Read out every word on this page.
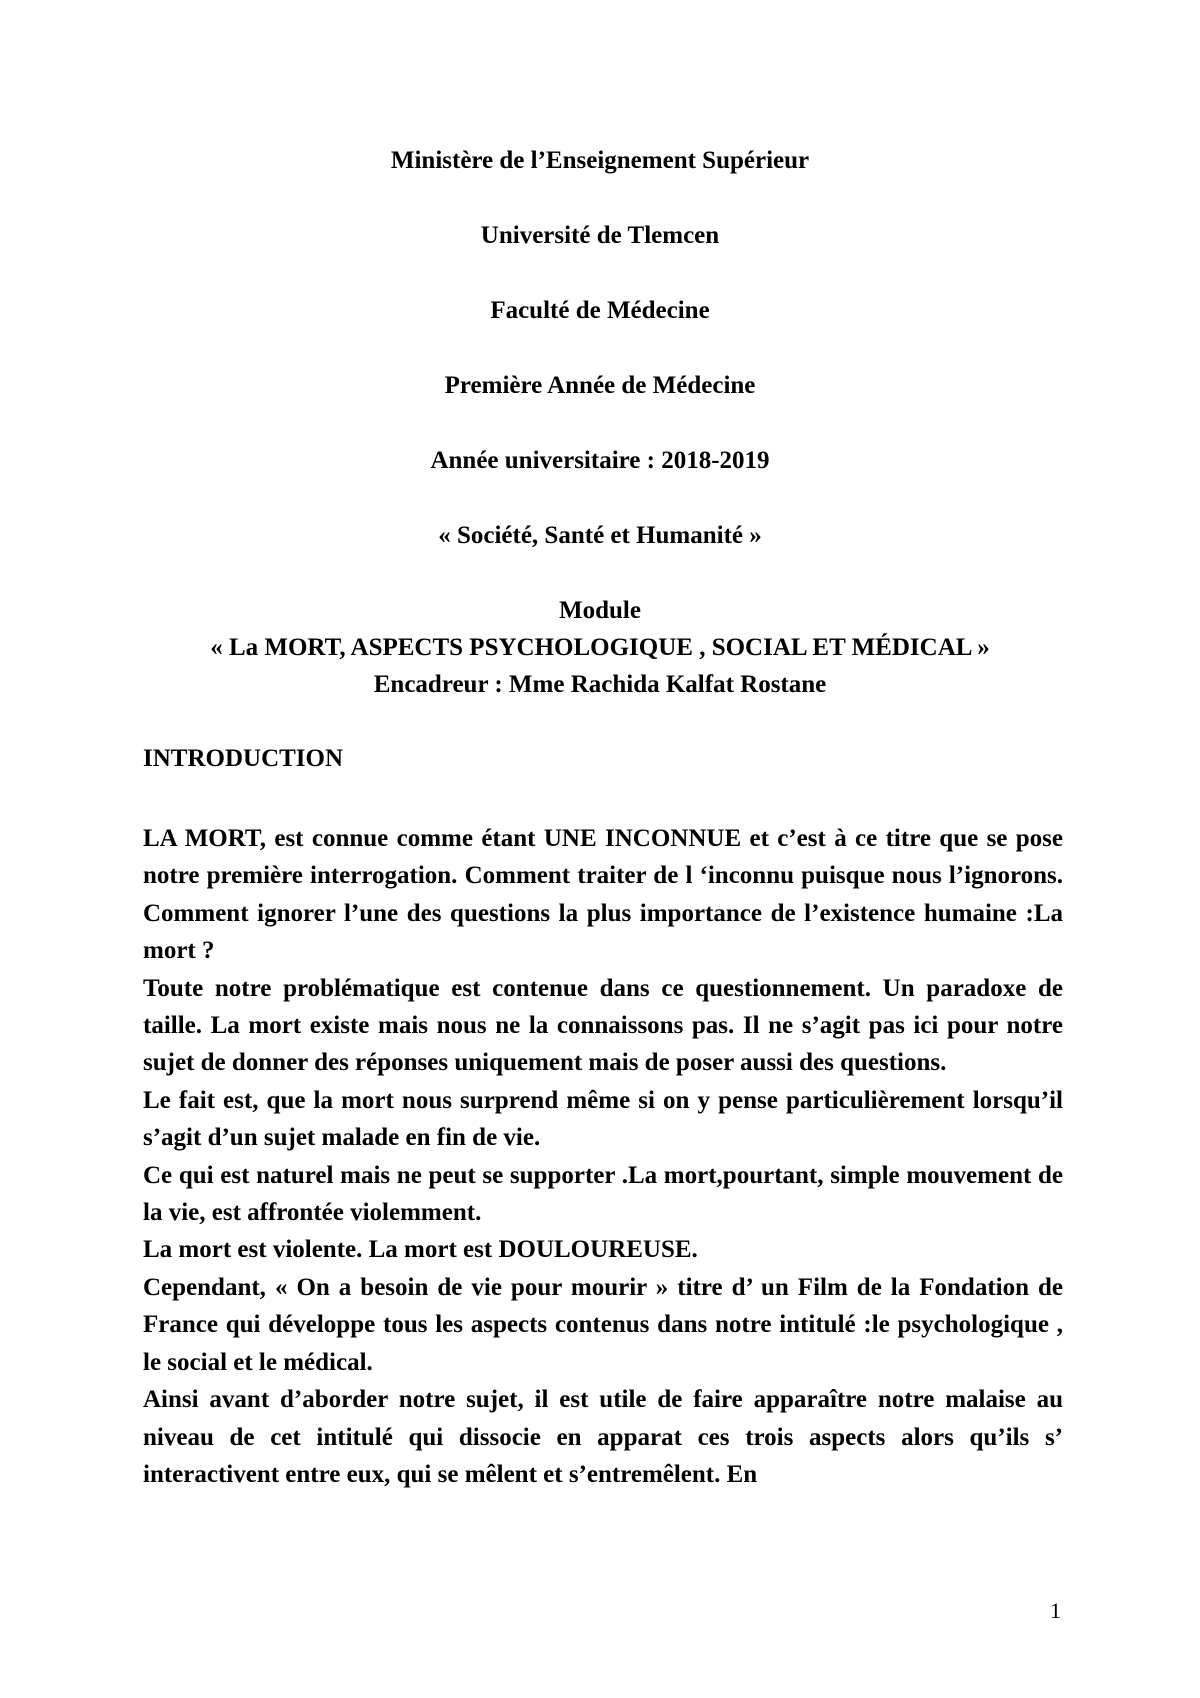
Ministère de l’Enseignement Supérieur
Université de Tlemcen
Faculté de Médecine
Première Année de Médecine
Année universitaire : 2018-2019
« Société, Santé et Humanité »
Module
« La MORT, ASPECTS PSYCHOLOGIQUE , SOCIAL ET MÉDICAL »
Encadreur : Mme Rachida Kalfat Rostane
INTRODUCTION

LA MORT, est connue comme étant UNE INCONNUE et c’est à ce titre que se pose notre première interrogation. Comment traiter de l ‘inconnu puisque nous l’ignorons. Comment ignorer l’une des questions la plus importance de l’existence humaine :La mort ?

Toute notre problématique est contenue dans ce questionnement. Un paradoxe de taille. La mort existe mais nous ne la connaissons pas. Il ne s’agit pas ici pour notre sujet de donner des réponses uniquement mais de poser aussi des questions.

Le fait est, que la mort nous surprend même si on y pense particulièrement lorsqu’il s’agit d’un sujet malade en fin de vie.

Ce qui est naturel mais ne peut se supporter .La mort,pourtant, simple mouvement de la vie, est affrontée violemment.

La mort est violente. La mort est DOULOUREUSE.

Cependant, « On a besoin de vie pour mourir » titre d’ un Film de la Fondation de France qui développe tous les aspects contenus dans notre intitulé :le psychologique , le social et le médical.

Ainsi avant d’aborder notre sujet, il est utile de faire apparaître notre malaise au niveau de cet intitulé qui dissocie en apparat ces trois aspects alors qu’ils s’ interactivent entre eux, qui se mêlent et s’entremêlent. En

1
